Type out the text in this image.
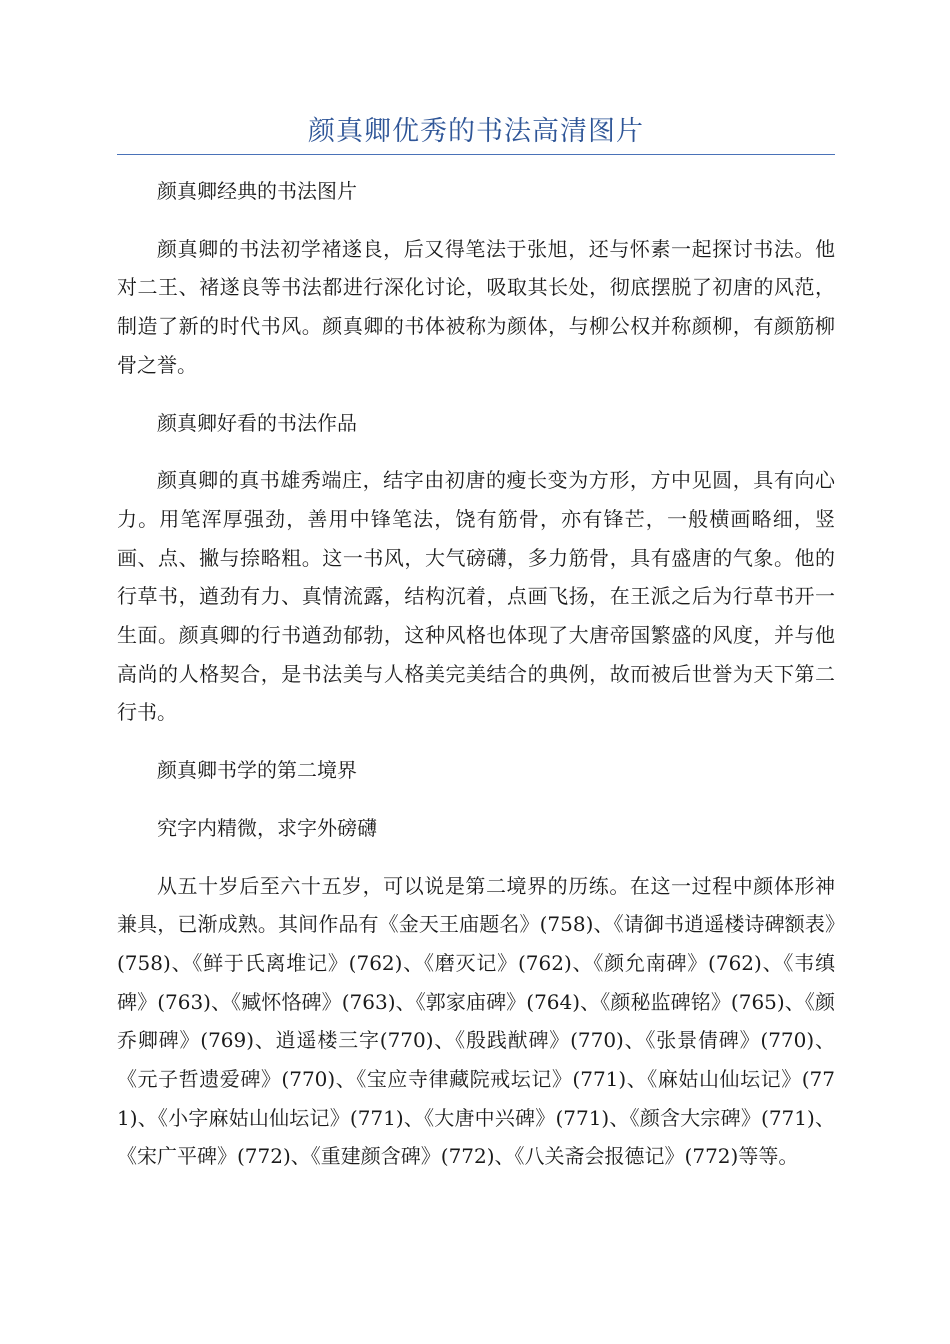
颜真卿优秀的书法高清图片

颜真卿经典的书法图片

颜真卿的书法初学褚遂良，后又得笔法于张旭，还与怀素一起探讨书法。他对二王、褚遂良等书法都进行深化讨论，吸取其长处，彻底摆脱了初唐的风范，制造了新的时代书风。颜真卿的书体被称为颜体，与柳公权并称颜柳，有颜筋柳骨之誉。

颜真卿好看的书法作品

颜真卿的真书雄秀端庄，结字由初唐的瘦长变为方形，方中见圆，具有向心力。用笔浑厚强劲，善用中锋笔法，饶有筋骨，亦有锋芒，一般横画略细，竖画、点、撇与捺略粗。这一书风，大气磅礴，多力筋骨，具有盛唐的气象。他的行草书，遒劲有力、真情流露，结构沉着，点画飞扬，在王派之后为行草书开一生面。颜真卿的行书遒劲郁勃，这种风格也体现了大唐帝国繁盛的风度，并与他高尚的人格契合，是书法美与人格美完美结合的典例，故而被后世誉为天下第二行书。

颜真卿书学的第二境界

究字内精微，求字外磅礴

从五十岁后至六十五岁，可以说是第二境界的历练。在这一过程中颜体形神兼具，已渐成熟。其间作品有《金天王庙题名》(758)、《请御书逍遥楼诗碑额表》(758)、《鲜于氏离堆记》(762)、《磨灭记》(762)、《颜允南碑》(762)、《韦缜碑》(763)、《臧怀恪碑》(763)、《郭家庙碑》(764)、《颜秘监碑铭》(765)、《颜乔卿碑》(769)、逍遥楼三字(770)、《殷践猷碑》(770)、《张景倩碑》(770)、《元子哲遗爱碑》(770)、《宝应寺律藏院戒坛记》(771)、《麻姑山仙坛记》(771)、《小字麻姑山仙坛记》(771)、《大唐中兴碑》(771)、《颜含大宗碑》(771)、《宋广平碑》(772)、《重建颜含碑》(772)、《八关斋会报德记》(772)等等。
